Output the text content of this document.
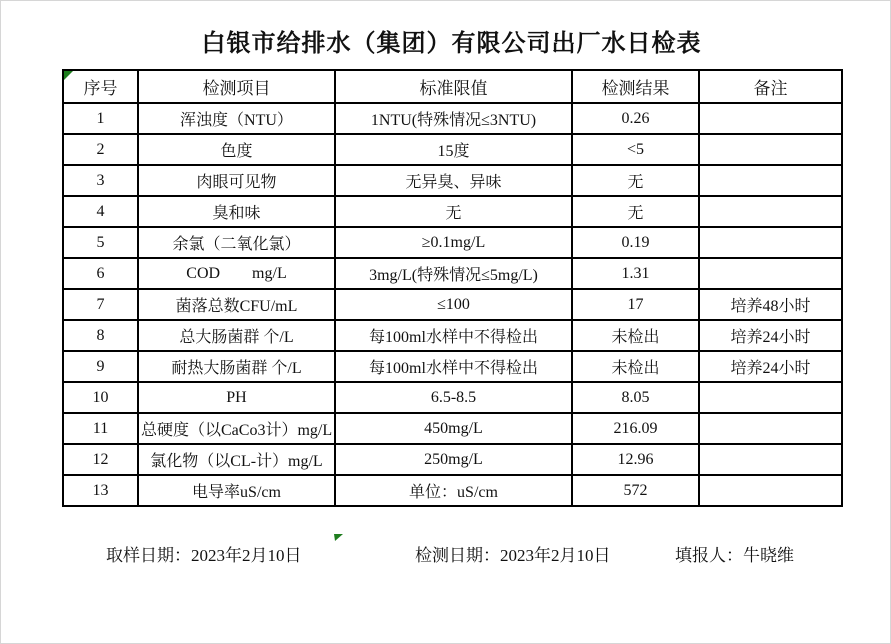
白银市给排水（集团）有限公司出厂水日检表
序号	检测项目	标准限值	检测结果	备注
1	浑浊度（NTU）	1NTU(特殊情况≤3NTU)	0.26	
2	色度	15度	<5	
3	肉眼可见物	无异臭、异味	无	
4	臭和味	无	无	
5	余氯（二氧化氯）	≥0.1mg/L	0.19	
6	COD        mg/L	3mg/L(特殊情况≤5mg/L)	1.31	
7	菌落总数CFU/mL	≤100	17	培养48小时
8	总大肠菌群 个/L	每100ml水样中不得检出	未检出	培养24小时
9	耐热大肠菌群 个/L	每100ml水样中不得检出	未检出	培养24小时
10	PH	6.5-8.5	8.05	
11	总硬度（以CaCo3计）mg/L	450mg/L	216.09	
12	氯化物（以CL-计）mg/L	250mg/L	12.96	
13	电导率uS/cm	单位：uS/cm	572	
取样日期：2023年2月10日	检测日期：2023年2月10日	填报人：牛晓维
